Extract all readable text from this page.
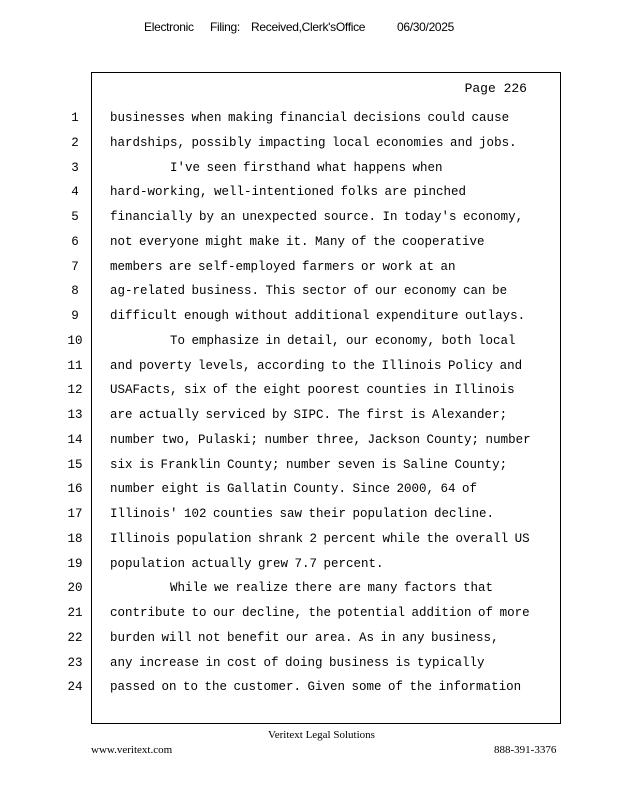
Electronic Filing: Received,Clerk'sOffice	06/30/2025
Page 226
1	businesses when making financial decisions could cause
2	hardships, possibly impacting local economies and jobs.
3	I've seen firsthand what happens when
4	hard-working, well-intentioned folks are pinched
5	financially by an unexpected source. In today's economy,
6	not everyone might make it. Many of the cooperative
7	members are self-employed farmers or work at an
8	ag-related business. This sector of our economy can be
9	difficult enough without additional expenditure outlays.
10	To emphasize in detail, our economy, both local
11	and poverty levels, according to the Illinois Policy and
12	USAFacts, six of the eight poorest counties in Illinois
13	are actually serviced by SIPC. The first is Alexander;
14	number two, Pulaski; number three, Jackson County; number
15	six is Franklin County; number seven is Saline County;
16	number eight is Gallatin County. Since 2000, 64 of
17	Illinois' 102 counties saw their population decline.
18	Illinois population shrank 2 percent while the overall US
19	population actually grew 7.7 percent.
20	While we realize there are many factors that
21	contribute to our decline, the potential addition of more
22	burden will not benefit our area. As in any business,
23	any increase in cost of doing business is typically
24	passed on to the customer. Given some of the information
Veritext Legal Solutions
www.veritext.com	888-391-3376
